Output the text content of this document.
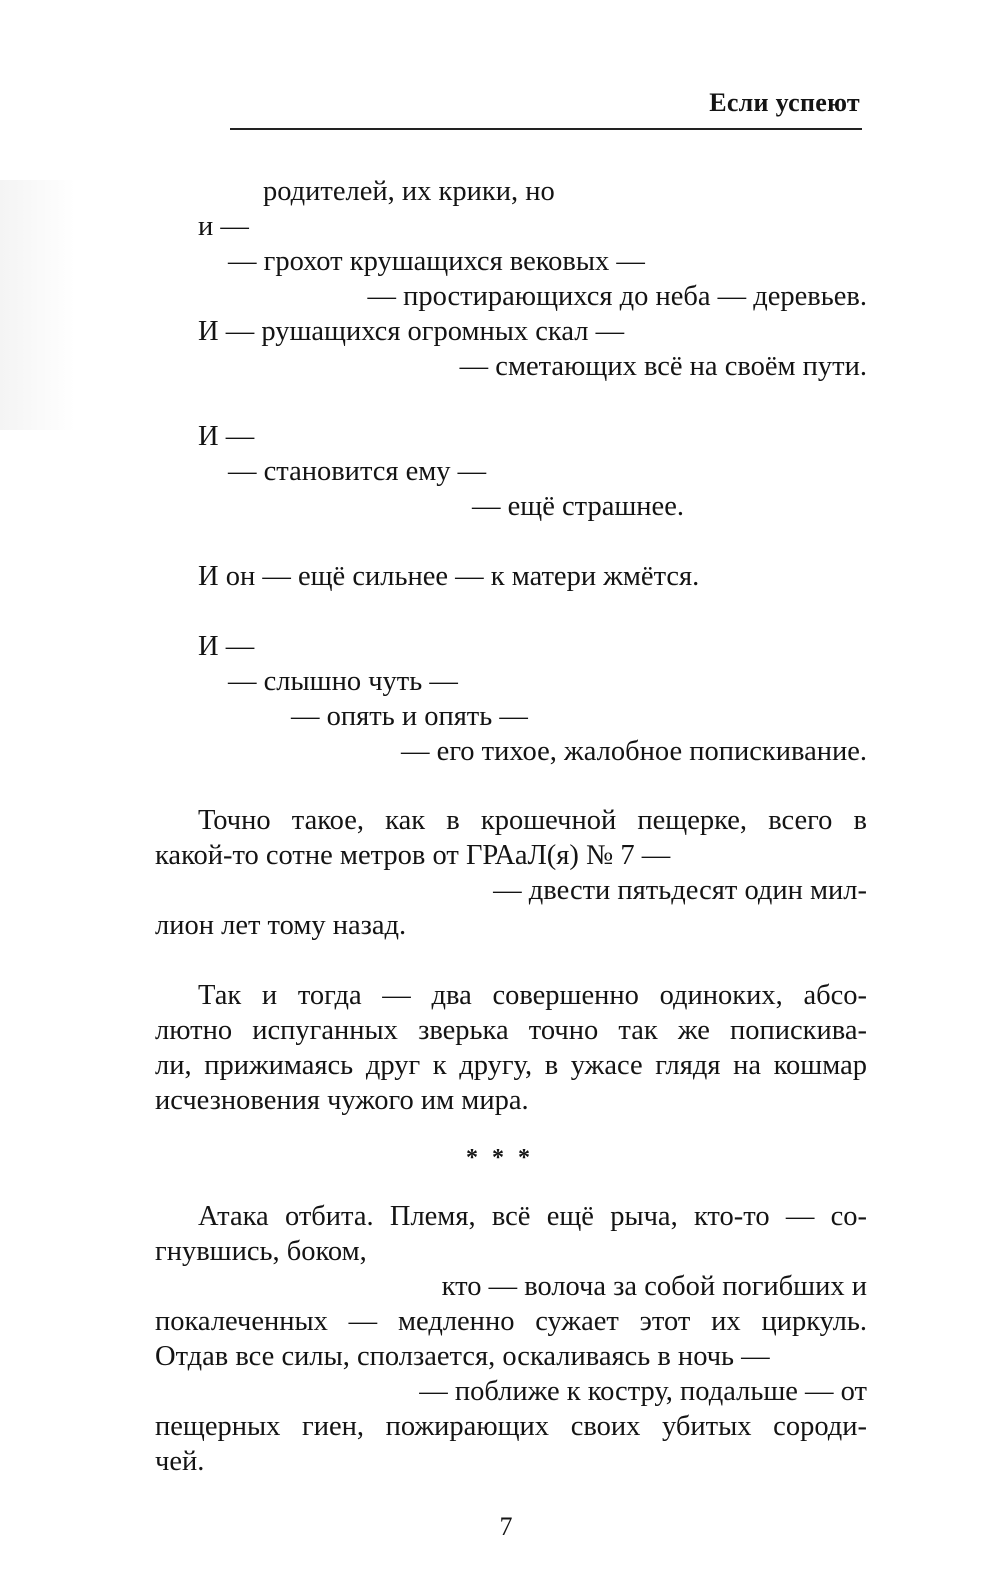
Если успеют
родителей, их крики, но
и —
— грохот крушащихся вековых —
— простирающихся до неба — деревьев.
И — рушащихся огромных скал —
— сметающих всё на своём пути.
И —
— становится ему —
— ещё страшнее.
И он — ещё сильнее — к матери жмётся.
И —
— слышно чуть —
— опять и опять —
— его тихое, жалобное попискивание.
Точно такое, как в крошечной пещерке, всего в
какой-то сотне метров от ГРАаЛ(я) № 7 —
— двести пятьдесят один мил-
лион лет тому назад.
Так и тогда — два совершенно одиноких, абсо-
лютно испуганных зверька точно так же попискива-
ли, прижимаясь друг к другу, в ужасе глядя на кошмар
исчезновения чужого им мира.
* * *
Атака отбита. Племя, всё ещё рыча, кто-то — со-
гнувшись, боком,
кто — волоча за собой погибших и
покалеченных — медленно сужает этот их циркуль.
Отдав все силы, сползается, оскаливаясь в ночь —
— поближе к костру, подальше — от
пещерных гиен, пожирающих своих убитых сороди-
чей.
7
